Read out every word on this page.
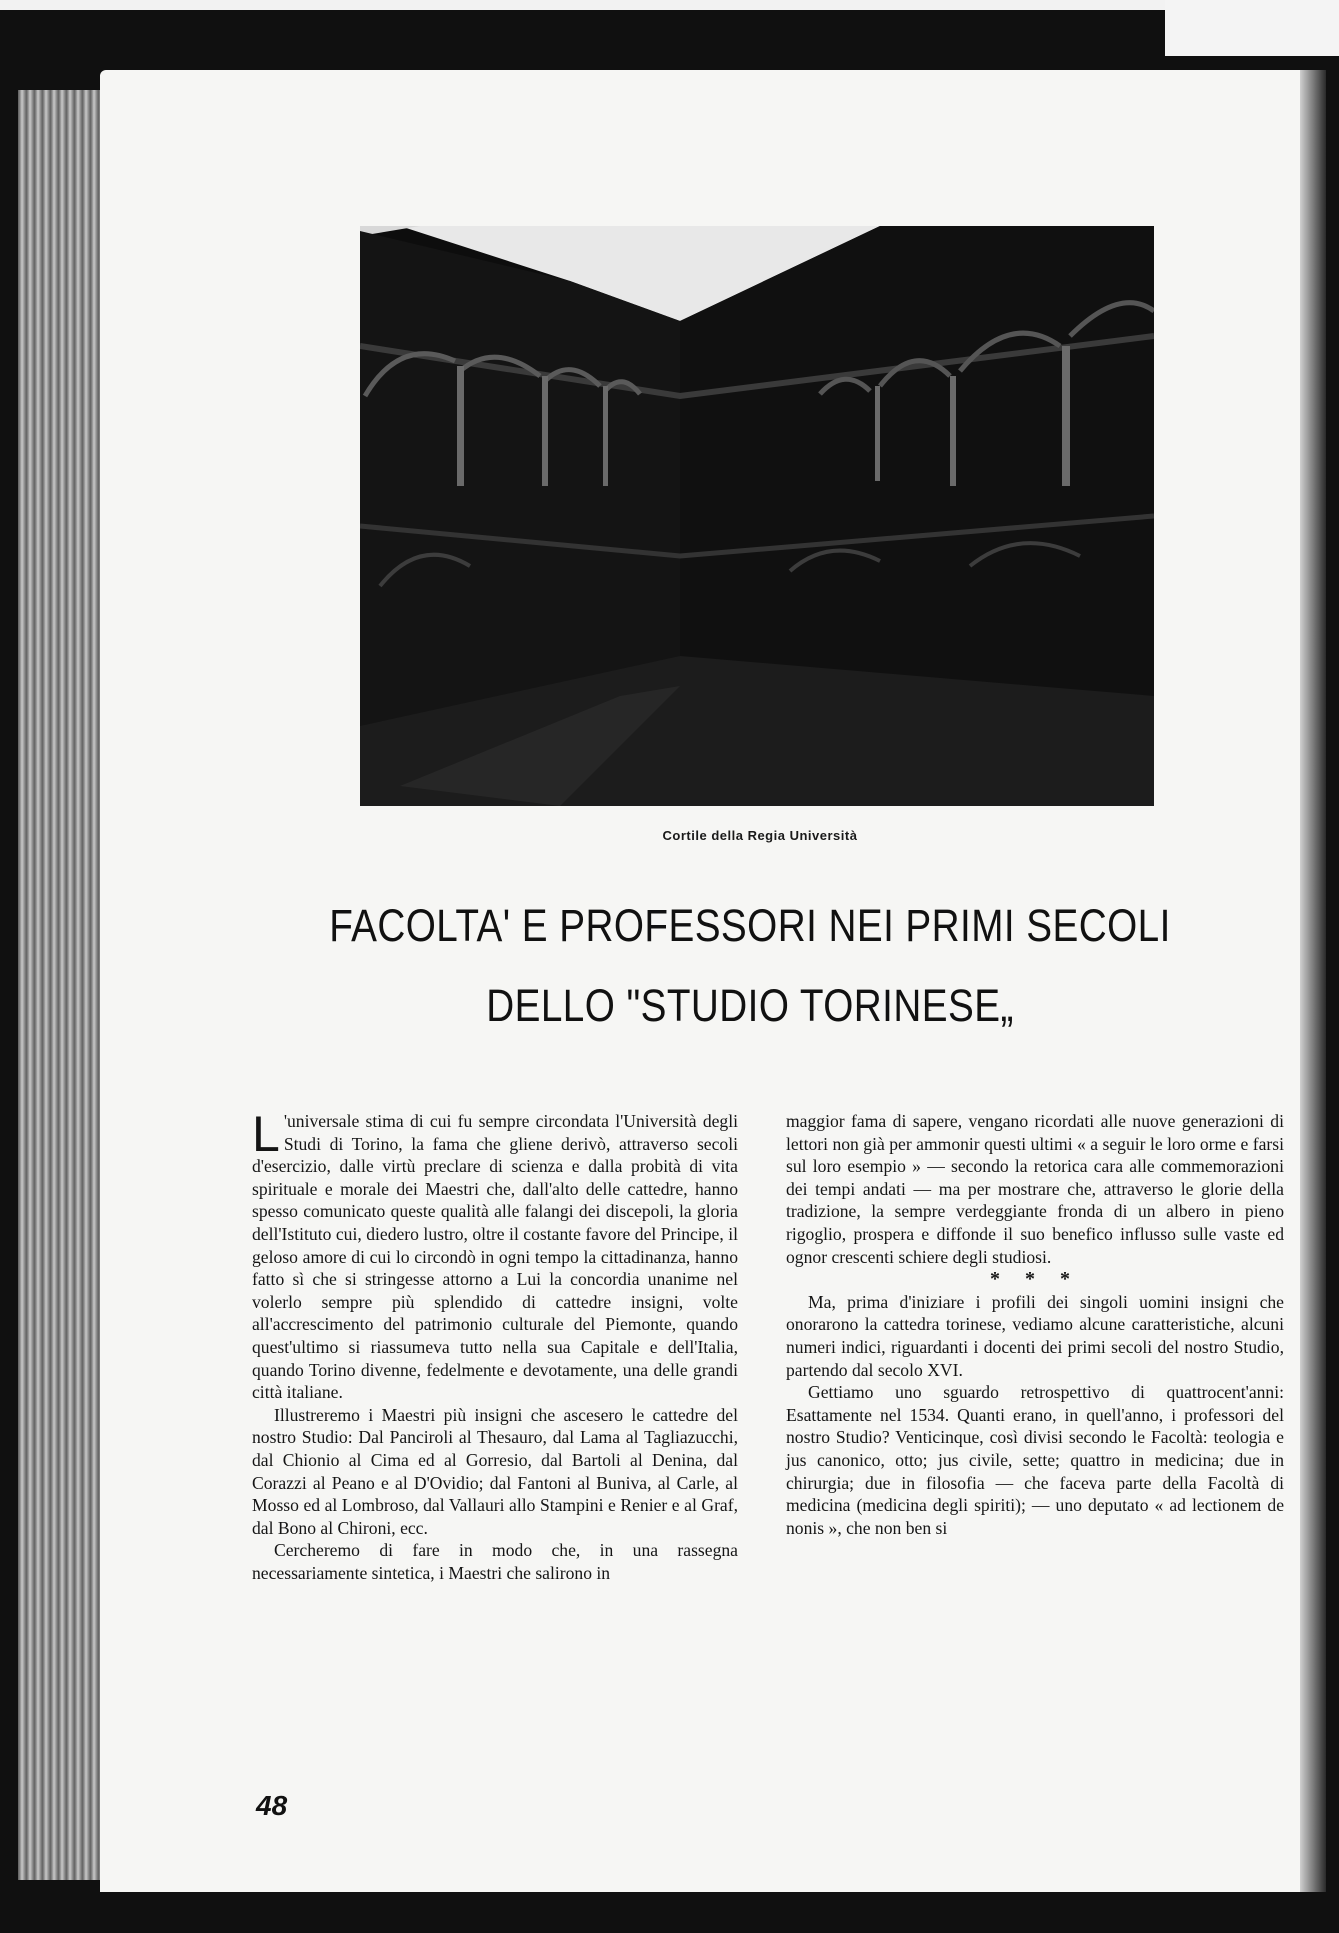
Cortile della Regia Università
FACOLTA' E PROFESSORI NEI PRIMI SECOLI
DELLO "STUDIO TORINESE„

L 'universale stima di cui fu sempre circondata l'Università degli Studi di Torino, la fama che gliene derivò, attraverso secoli d'esercizio, dalle virtù preclare di scienza e dalla probità di vita spirituale e morale dei Maestri che, dall'alto delle cattedre, hanno spesso comunicato queste qualità alle falangi dei discepoli, la gloria dell'Istituto cui, diedero lustro, oltre il costante favore del Principe, il geloso amore di cui lo circondò in ogni tempo la cittadinanza, hanno fatto sì che si stringesse attorno a Lui la concordia unanime nel volerlo sempre più splendido di cattedre insigni, volte all'accrescimento del patrimonio culturale del Piemonte, quando quest'ultimo si riassumeva tutto nella sua Capitale e dell'Italia, quando Torino divenne, fedelmente e devotamente, una delle grandi città italiane.

Illustreremo i Maestri più insigni che ascesero le cattedre del nostro Studio: Dal Panciroli al Thesauro, dal Lama al Tagliazucchi, dal Chionio al Cima ed al Gorresio, dal Bartoli al Denina, dal Corazzi al Peano e al D'Ovidio; dal Fantoni al Buniva, al Carle, al Mosso ed al Lombroso, dal Vallauri allo Stampini e Renier e al Graf, dal Bono al Chironi, ecc.

Cercheremo di fare in modo che, in una rassegna necessariamente sintetica, i Maestri che salirono in

maggior fama di sapere, vengano ricordati alle nuove generazioni di lettori non già per ammonir questi ultimi « a seguir le loro orme e farsi sul loro esempio » — secondo la retorica cara alle commemorazioni dei tempi andati — ma per mostrare che, attraverso le glorie della tradizione, la sempre verdeggiante fronda di un albero in pieno rigoglio, prospera e diffonde il suo benefico influsso sulle vaste ed ognor crescenti schiere degli studiosi.

* * *

Ma, prima d'iniziare i profili dei singoli uomini insigni che onorarono la cattedra torinese, vediamo alcune caratteristiche, alcuni numeri indici, riguardanti i docenti dei primi secoli del nostro Studio, partendo dal secolo XVI.

Gettiamo uno sguardo retrospettivo di quattrocent'anni: Esattamente nel 1534. Quanti erano, in quell'anno, i professori del nostro Studio? Venticinque, così divisi secondo le Facoltà: teologia e jus canonico, otto; jus civile, sette; quattro in medicina; due in chirurgia; due in filosofia — che faceva parte della Facoltà di medicina (medicina degli spiriti); — uno deputato « ad lectionem de nonis », che non ben si

48
